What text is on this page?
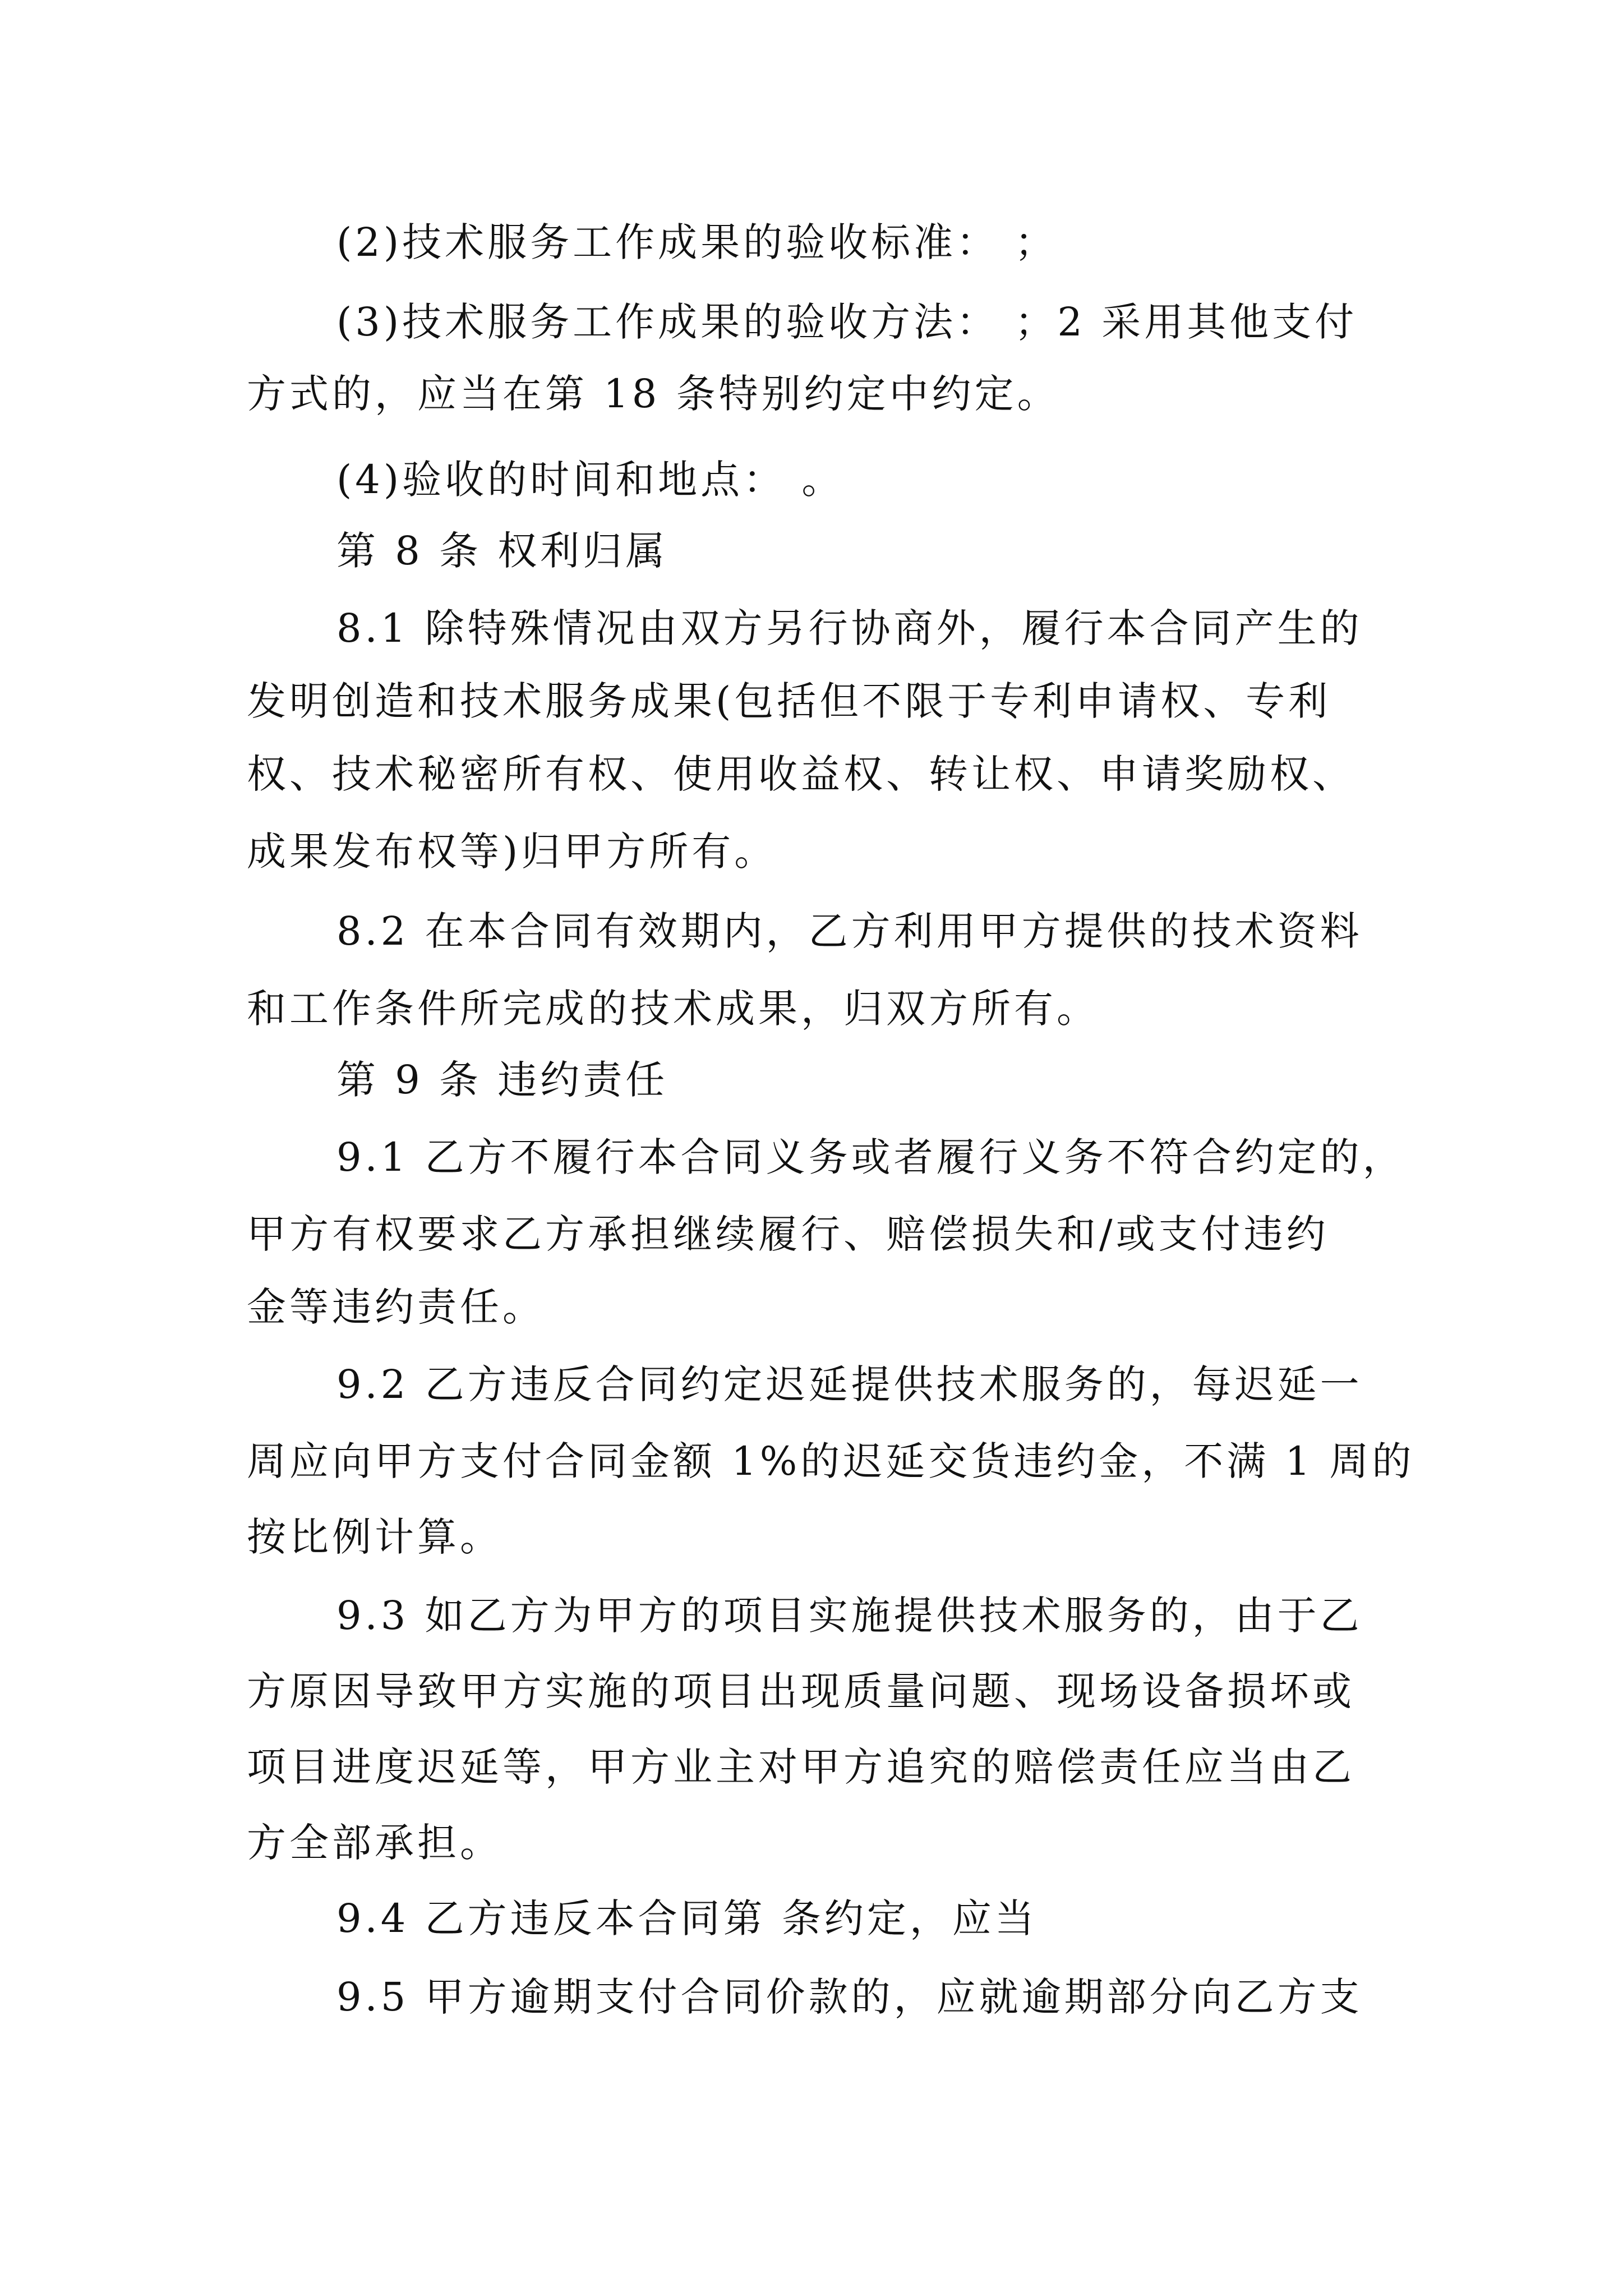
(2)技术服务工作成果的验收标准： ；

(3)技术服务工作成果的验收方法： ；2 采用其他支付

方式的，应当在第 18 条特别约定中约定。

(4)验收的时间和地点： 。

第 8 条 权利归属

8.1 除特殊情况由双方另行协商外，履行本合同产生的

发明创造和技术服务成果(包括但不限于专利申请权、专利

权、技术秘密所有权、使用收益权、转让权、申请奖励权、

成果发布权等)归甲方所有。

8.2 在本合同有效期内，乙方利用甲方提供的技术资料

和工作条件所完成的技术成果，归双方所有。

第 9 条 违约责任

9.1 乙方不履行本合同义务或者履行义务不符合约定的，

甲方有权要求乙方承担继续履行、赔偿损失和/或支付违约

金等违约责任。

9.2 乙方违反合同约定迟延提供技术服务的，每迟延一

周应向甲方支付合同金额 1%的迟延交货违约金，不满 1 周的

按比例计算。

9.3 如乙方为甲方的项目实施提供技术服务的，由于乙

方原因导致甲方实施的项目出现质量问题、现场设备损坏或

项目进度迟延等，甲方业主对甲方追究的赔偿责任应当由乙

方全部承担。

9.4 乙方违反本合同第 条约定，应当

9.5 甲方逾期支付合同价款的，应就逾期部分向乙方支
